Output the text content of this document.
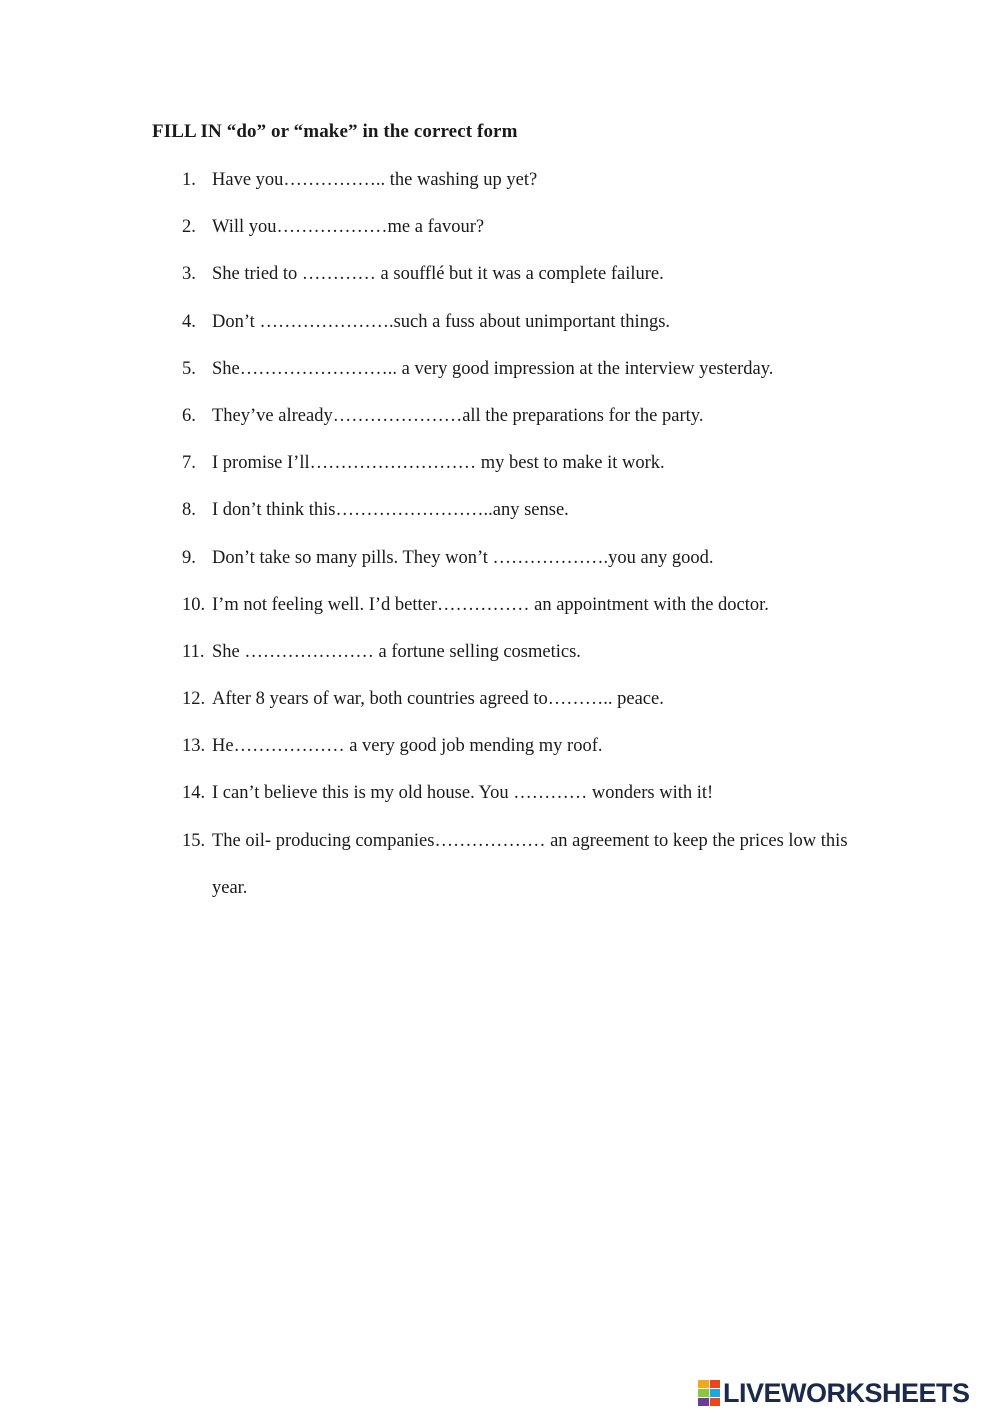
FILL IN “do” or “make” in the correct form
1. Have you…………….. the washing up yet?
2. Will you………………me a favour?
3. She tried to ………… a soufflé but it was a complete failure.
4. Don’t ………………….such a fuss about unimportant things.
5. She…………………….. a very good impression at the interview yesterday.
6. They’ve already…………………all the preparations for the party.
7. I promise I’ll……………………… my best to make it work.
8. I don’t think this……………………..any sense.
9. Don’t take so many pills. They won’t ……………….you any good.
10. I’m not feeling well. I’d better…………… an appointment with the doctor.
11. She ………………… a fortune selling cosmetics.
12. After 8 years of war, both countries agreed to……….. peace.
13. He……………… a very good job mending my roof.
14. I can’t believe this is my old house. You ………… wonders with it!
15. The oil- producing companies……………… an agreement to keep the prices low this year.
LIVEWORKSHEETS
